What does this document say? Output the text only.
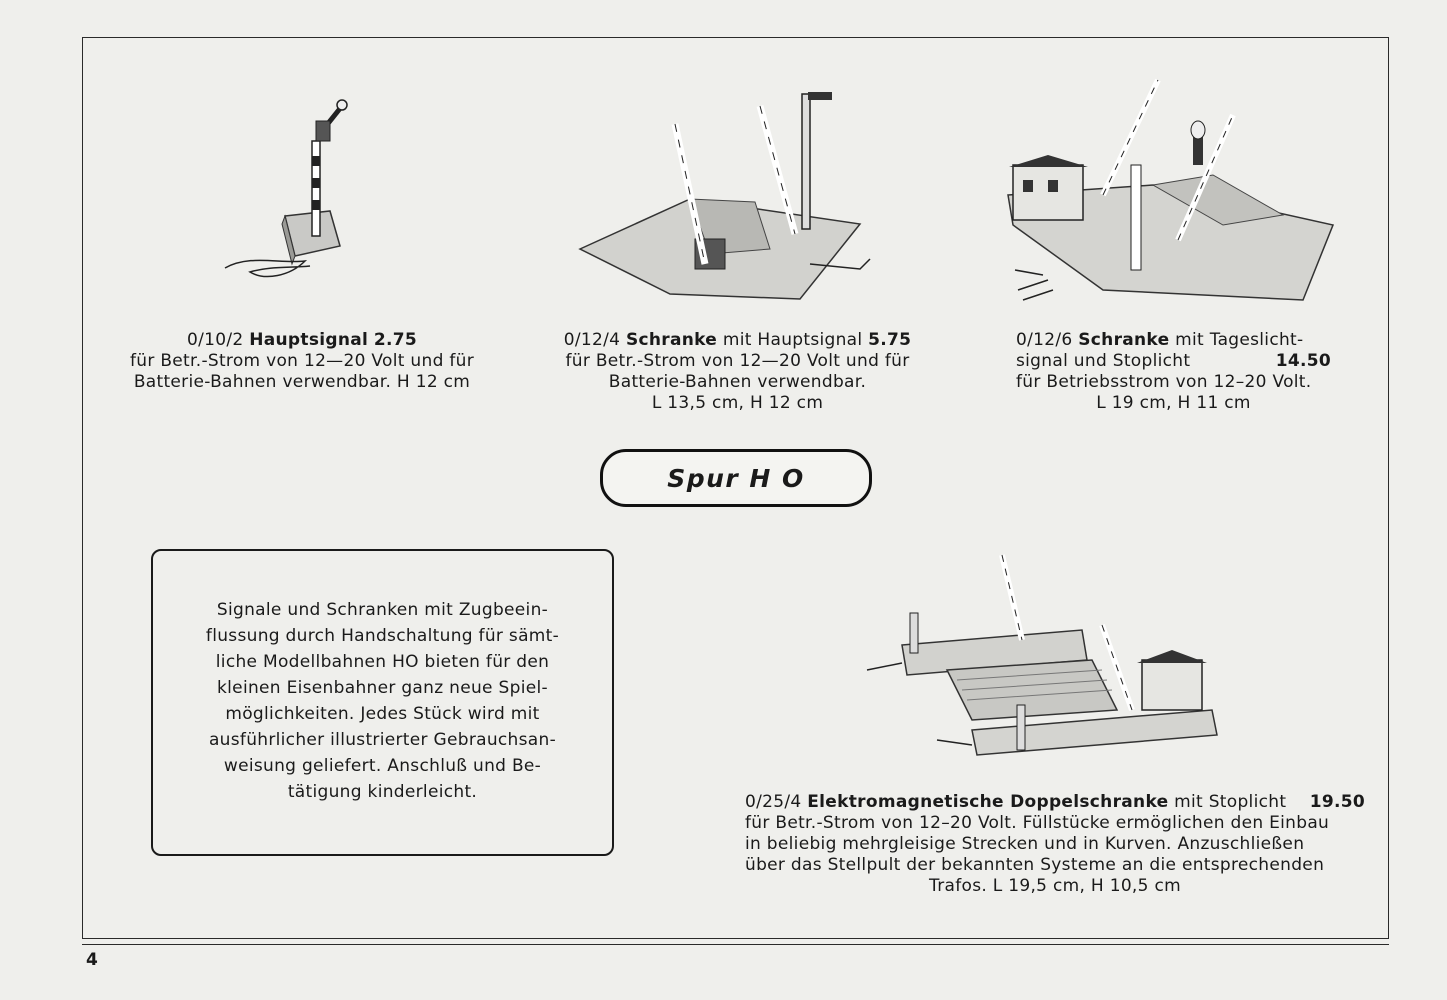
4
0/10/2 Hauptsignal 2.75
für Betr.-Strom von 12—20 Volt und für
Batterie-Bahnen verwendbar. H 12 cm
0/12/4 Schranke mit Hauptsignal 5.75
für Betr.-Strom von 12—20 Volt und für
Batterie-Bahnen verwendbar.
L 13,5 cm, H 12 cm
0/12/6 Schranke mit Tageslicht-
signal und Stoplicht	14.50
für Betriebsstrom von 12–20 Volt.
L 19 cm, H 11 cm
Spur H O
Signale und Schranken mit Zugbeein-
flussung durch Handschaltung für sämt-
liche Modellbahnen HO bieten für den
kleinen Eisenbahner ganz neue Spiel-
möglichkeiten. Jedes Stück wird mit
ausführlicher illustrierter Gebrauchsan-
weisung geliefert. Anschluß und Be-
tätigung kinderleicht.	0/25/4 Elektromagnetische Doppelschranke mit Stoplicht 19.50
für Betr.-Strom von 12–20 Volt. Füllstücke ermöglichen den Einbau
in beliebig mehrgleisige Strecken und in Kurven. Anzuschließen
über das Stellpult der bekannten Systeme an die entsprechenden
Trafos. L 19,5 cm, H 10,5 cm
